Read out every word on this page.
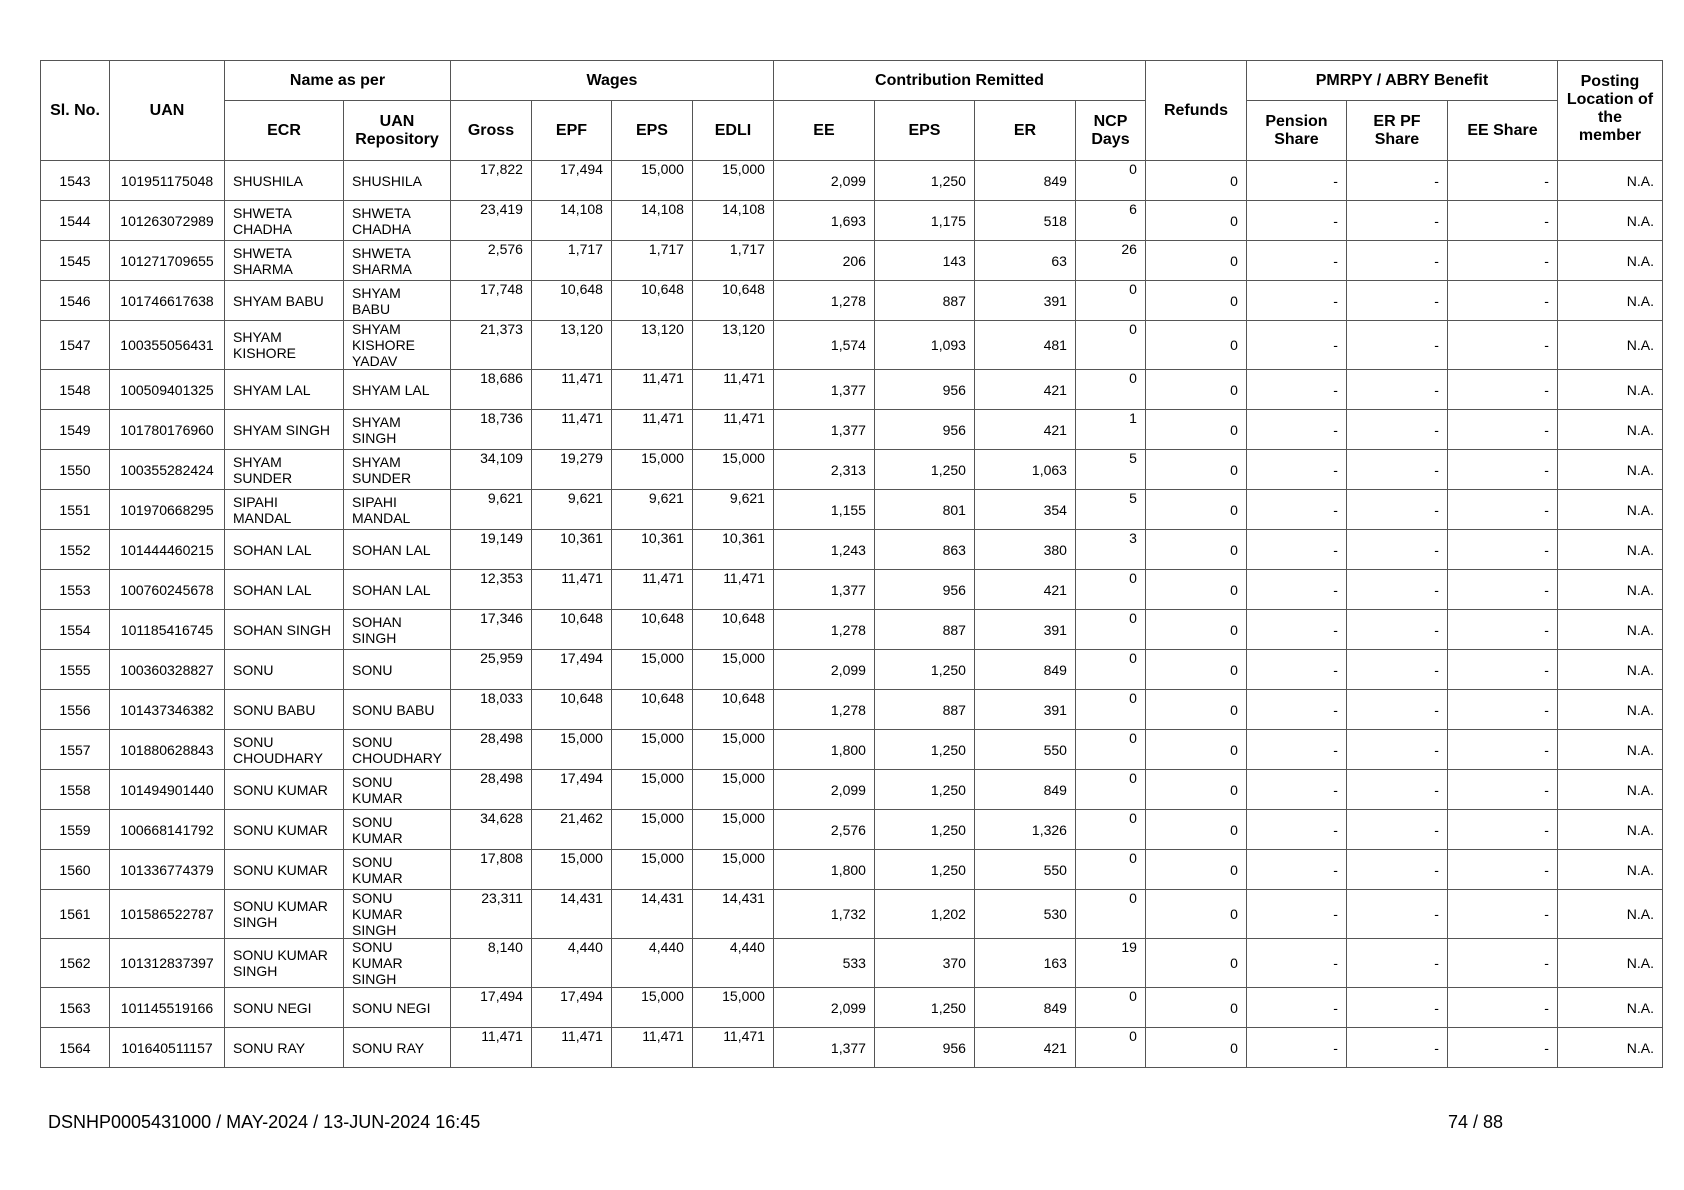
Sl. No.	UAN	Name as per		Wages				Contribution Remitted				Refunds	PMRPY / ABRY Benefit			Posting Location of the member
		ECR	UAN Repository	Gross	EPF	EPS	EDLI	EE	EPS	ER	NCP Days		Pension Share	ER PF Share	EE Share	
1543	101951175048	SHUSHILA	SHUSHILA	17,822	17,494	15,000	15,000	2,099	1,250	849	0	0	-	-	-	N.A.
1544	101263072989	SHWETA CHADHA	SHWETA CHADHA	23,419	14,108	14,108	14,108	1,693	1,175	518	6	0	-	-	-	N.A.
1545	101271709655	SHWETA SHARMA	SHWETA SHARMA	2,576	1,717	1,717	1,717	206	143	63	26	0	-	-	-	N.A.
1546	101746617638	SHYAM BABU	SHYAM BABU	17,748	10,648	10,648	10,648	1,278	887	391	0	0	-	-	-	N.A.
1547	100355056431	SHYAM KISHORE	SHYAM KISHORE YADAV	21,373	13,120	13,120	13,120	1,574	1,093	481	0	0	-	-	-	N.A.
1548	100509401325	SHYAM LAL	SHYAM LAL	18,686	11,471	11,471	11,471	1,377	956	421	0	0	-	-	-	N.A.
1549	101780176960	SHYAM SINGH	SHYAM SINGH	18,736	11,471	11,471	11,471	1,377	956	421	1	0	-	-	-	N.A.
1550	100355282424	SHYAM SUNDER	SHYAM SUNDER	34,109	19,279	15,000	15,000	2,313	1,250	1,063	5	0	-	-	-	N.A.
1551	101970668295	SIPAHI MANDAL	SIPAHI MANDAL	9,621	9,621	9,621	9,621	1,155	801	354	5	0	-	-	-	N.A.
1552	101444460215	SOHAN LAL	SOHAN LAL	19,149	10,361	10,361	10,361	1,243	863	380	3	0	-	-	-	N.A.
1553	100760245678	SOHAN LAL	SOHAN LAL	12,353	11,471	11,471	11,471	1,377	956	421	0	0	-	-	-	N.A.
1554	101185416745	SOHAN SINGH	SOHAN SINGH	17,346	10,648	10,648	10,648	1,278	887	391	0	0	-	-	-	N.A.
1555	100360328827	SONU	SONU	25,959	17,494	15,000	15,000	2,099	1,250	849	0	0	-	-	-	N.A.
1556	101437346382	SONU BABU	SONU BABU	18,033	10,648	10,648	10,648	1,278	887	391	0	0	-	-	-	N.A.
1557	101880628843	SONU CHOUDHARY	SONU CHOUDHARY	28,498	15,000	15,000	15,000	1,800	1,250	550	0	0	-	-	-	N.A.
1558	101494901440	SONU KUMAR	SONU KUMAR	28,498	17,494	15,000	15,000	2,099	1,250	849	0	0	-	-	-	N.A.
1559	100668141792	SONU KUMAR	SONU KUMAR	34,628	21,462	15,000	15,000	2,576	1,250	1,326	0	0	-	-	-	N.A.
1560	101336774379	SONU KUMAR	SONU KUMAR	17,808	15,000	15,000	15,000	1,800	1,250	550	0	0	-	-	-	N.A.
1561	101586522787	SONU KUMAR SINGH	SONU KUMAR SINGH	23,311	14,431	14,431	14,431	1,732	1,202	530	0	0	-	-	-	N.A.
1562	101312837397	SONU KUMAR SINGH	SONU KUMAR SINGH	8,140	4,440	4,440	4,440	533	370	163	19	0	-	-	-	N.A.
1563	101145519166	SONU NEGI	SONU NEGI	17,494	17,494	15,000	15,000	2,099	1,250	849	0	0	-	-	-	N.A.
1564	101640511157	SONU RAY	SONU RAY	11,471	11,471	11,471	11,471	1,377	956	421	0	0	-	-	-	N.A.
DSNHP0005431000 / MAY-2024 / 13-JUN-2024 16:45	74 / 88
